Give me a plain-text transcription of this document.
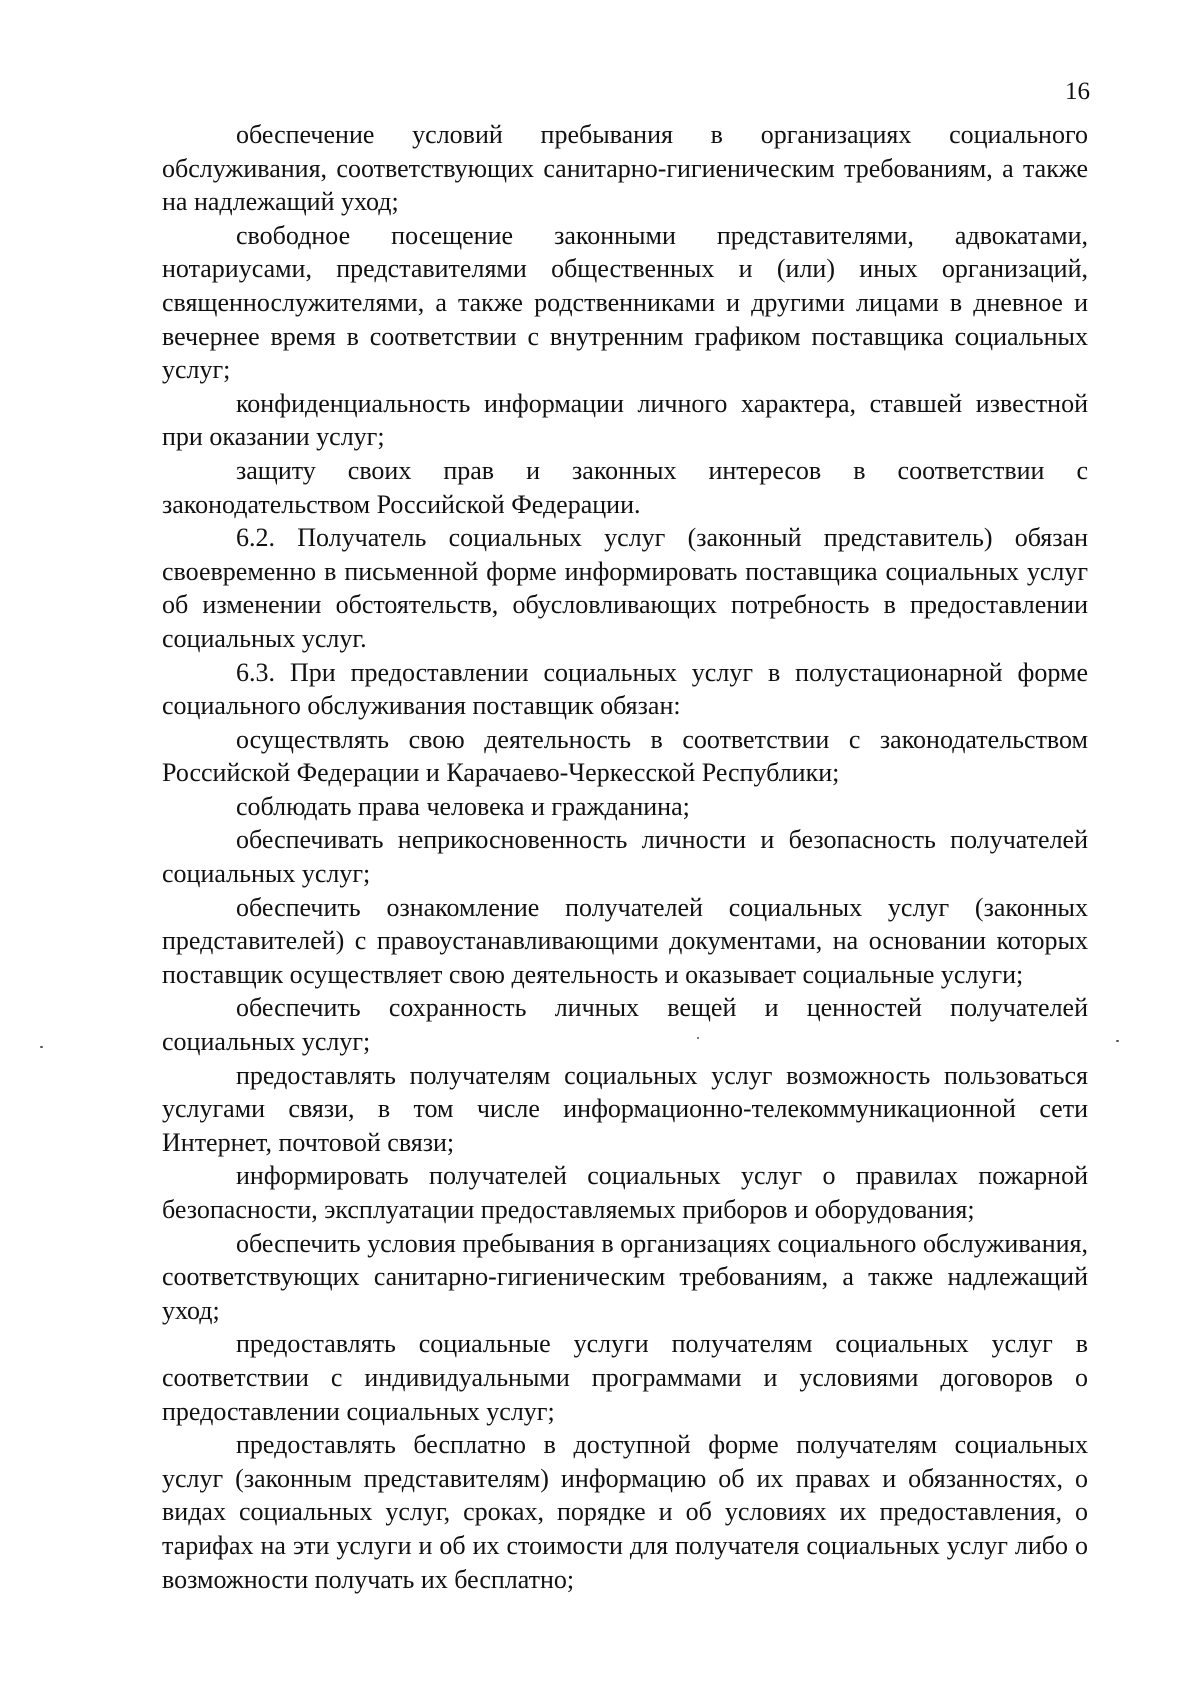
16

обеспечение условий пребывания в организациях социального обслуживания, соответствующих санитарно-гигиеническим требованиям, а также на надлежащий уход;

свободное посещение законными представителями, адвокатами, нотариусами, представителями общественных и (или) иных организаций, священнослужителями, а также родственниками и другими лицами в дневное и вечернее время в соответствии с внутренним графиком поставщика социальных услуг;

конфиденциальность информации личного характера, ставшей известной при оказании услуг;

защиту своих прав и законных интересов в соответствии с законодательством Российской Федерации.

6.2. Получатель социальных услуг (законный представитель) обязан своевременно в письменной форме информировать поставщика социальных услуг об изменении обстоятельств, обусловливающих потребность в предоставлении социальных услуг.

6.3. При предоставлении социальных услуг в полустационарной форме социального обслуживания поставщик обязан:

осуществлять свою деятельность в соответствии с законодательством Российской Федерации и Карачаево-Черкесской Республики;

соблюдать права человека и гражданина;

обеспечивать неприкосновенность личности и безопасность получателей социальных услуг;

обеспечить ознакомление получателей социальных услуг (законных представителей) с правоустанавливающими документами, на основании которых поставщик осуществляет свою деятельность и оказывает социальные услуги;

обеспечить сохранность личных вещей и ценностей получателей социальных услуг;

предоставлять получателям социальных услуг возможность пользоваться услугами связи, в том числе информационно-телекоммуникационной сети Интернет, почтовой связи;

информировать получателей социальных услуг о правилах пожарной безопасности, эксплуатации предоставляемых приборов и оборудования;

обеспечить условия пребывания в организациях социального обслуживания, соответствующих санитарно-гигиеническим требованиям, а также надлежащий уход;

предоставлять социальные услуги получателям социальных услуг в соответствии с индивидуальными программами и условиями договоров о предоставлении социальных услуг;

предоставлять бесплатно в доступной форме получателям социальных услуг (законным представителям) информацию об их правах и обязанностях, о видах социальных услуг, сроках, порядке и об условиях их предоставления, о тарифах на эти услуги и об их стоимости для получателя социальных услуг либо о возможности получать их бесплатно;
